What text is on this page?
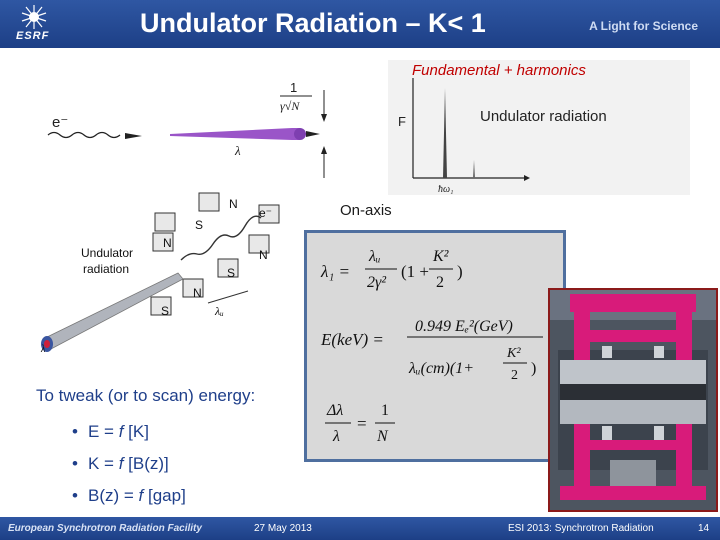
ESRF	Undulator Radiation – K< 1	A Light for Science
e⁻
1
γ√N
λ
F
ħω₁
Undulator radiation
Fundamental + harmonics
N
S
N
S
N
S
N
e⁻
Undulator
radiation
λᵤ
λ
On-axis
λ₁ =
λᵤ
2γ²
(1 +
K²
2
)
E(keV) =
0.949 Eₑ²(GeV)
λᵤ(cm)(1+
K²
2 )
Δλ
λ
=
1
N
To tweak (or to scan) energy:
• E = f [K]
• K = f [B(z)]
• B(z) = f [gap]
European Synchrotron Radiation Facility	27 May 2013	ESI 2013: Synchrotron Radiation	14
